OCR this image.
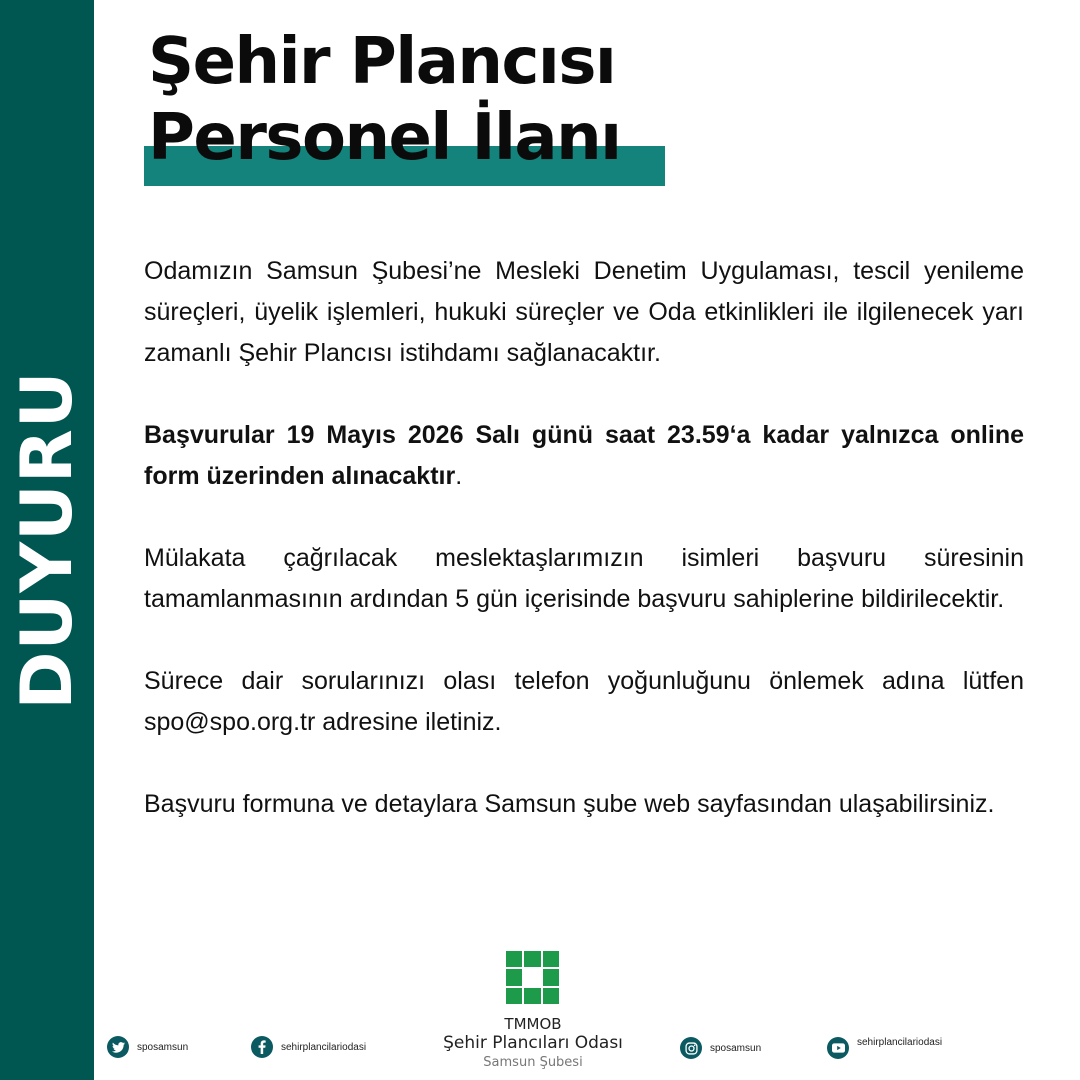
DUYURU
Şehir Plancısı
Personel İlanı

Odamızın Samsun Şubesi’ne Mesleki Denetim Uygulaması, tescil yenileme süreçleri, üyelik işlemleri, hukuki süreçler ve Oda etkinlikleri ile ilgilenecek yarı zamanlı Şehir Plancısı istihdamı sağlanacaktır.

Başvurular 19 Mayıs 2026 Salı günü saat 23.59‘a kadar yalnızca online form üzerinden alınacaktır.

Mülakata çağrılacak meslektaşlarımızın isimleri başvuru süresinin tamamlanmasının ardından 5 gün içerisinde başvuru sahiplerine bildirilecektir.

Sürece dair sorularınızı olası telefon yoğunluğunu önlemek adına lütfen spo@spo.org.tr adresine iletiniz.

Başvuru formuna ve detaylara Samsun şube web sayfasından ulaşabilirsiniz.

TMMOB

Şehir Plancıları Odası

Samsun Şubesi

sposamsun	sehirplancilariodasi	sposamsun
sehirplancilariodasi
